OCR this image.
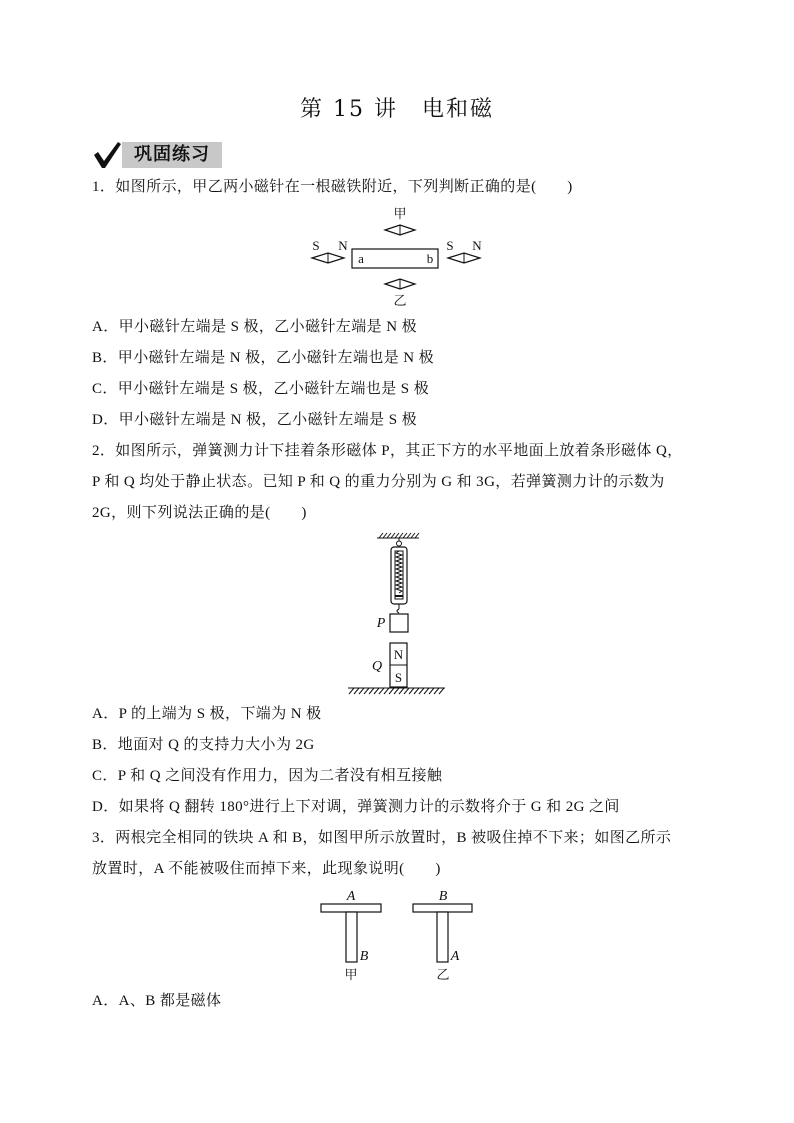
第 15 讲　电和磁
巩固练习
1．如图所示，甲乙两小磁针在一根磁铁附近，下列判断正确的是(　　)
甲
S N
a	b
S N
乙
A．甲小磁针左端是 S 极，乙小磁针左端是 N 极
B．甲小磁针左端是 N 极，乙小磁针左端也是 N 极
C．甲小磁针左端是 S 极，乙小磁针左端也是 S 极
D．甲小磁针左端是 N 极，乙小磁针左端是 S 极
2．如图所示，弹簧测力计下挂着条形磁体 P，其正下方的水平地面上放着条形磁体 Q，
P 和 Q 均处于静止状态。已知 P 和 Q 的重力分别为 G 和 3G，若弹簧测力计的示数为
2G，则下列说法正确的是(　　)
P
N
S
Q
A．P 的上端为 S 极，下端为 N 极
B．地面对 Q 的支持力大小为 2G
C．P 和 Q 之间没有作用力，因为二者没有相互接触
D．如果将 Q 翻转 180°进行上下对调，弹簧测力计的示数将介于 G 和 2G 之间
3．两根完全相同的铁块 A 和 B，如图甲所示放置时，B 被吸住掉不下来；如图乙所示
放置时，A 不能被吸住而掉下来，此现象说明(　　)
A
B
甲
B
A
乙
A．A、B 都是磁体
